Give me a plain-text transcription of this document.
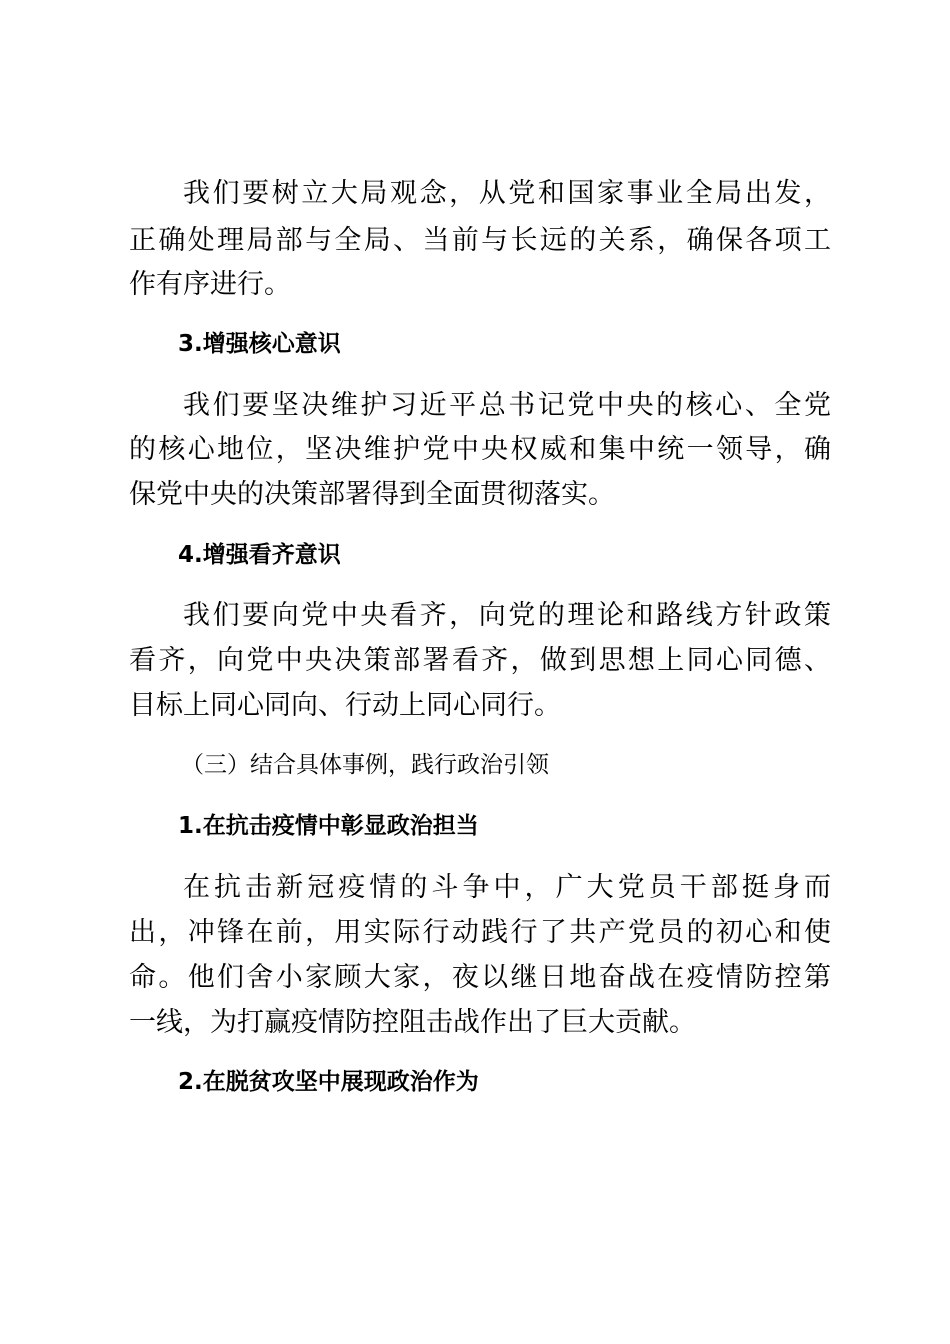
我们要树立大局观念，从党和国家事业全局出发，
正确处理局部与全局、当前与长远的关系，确保各项工
作有序进行。
3.增强核心意识
我们要坚决维护习近平总书记党中央的核心、全党
的核心地位，坚决维护党中央权威和集中统一领导，确
保党中央的决策部署得到全面贯彻落实。
4.增强看齐意识
我们要向党中央看齐，向党的理论和路线方针政策
看齐，向党中央决策部署看齐，做到思想上同心同德、
目标上同心同向、行动上同心同行。
（三）结合具体事例，践行政治引领
1.在抗击疫情中彰显政治担当
在抗击新冠疫情的斗争中，广大党员干部挺身而
出，冲锋在前，用实际行动践行了共产党员的初心和使
命。他们舍小家顾大家，夜以继日地奋战在疫情防控第
一线，为打赢疫情防控阻击战作出了巨大贡献。
2.在脱贫攻坚中展现政治作为
